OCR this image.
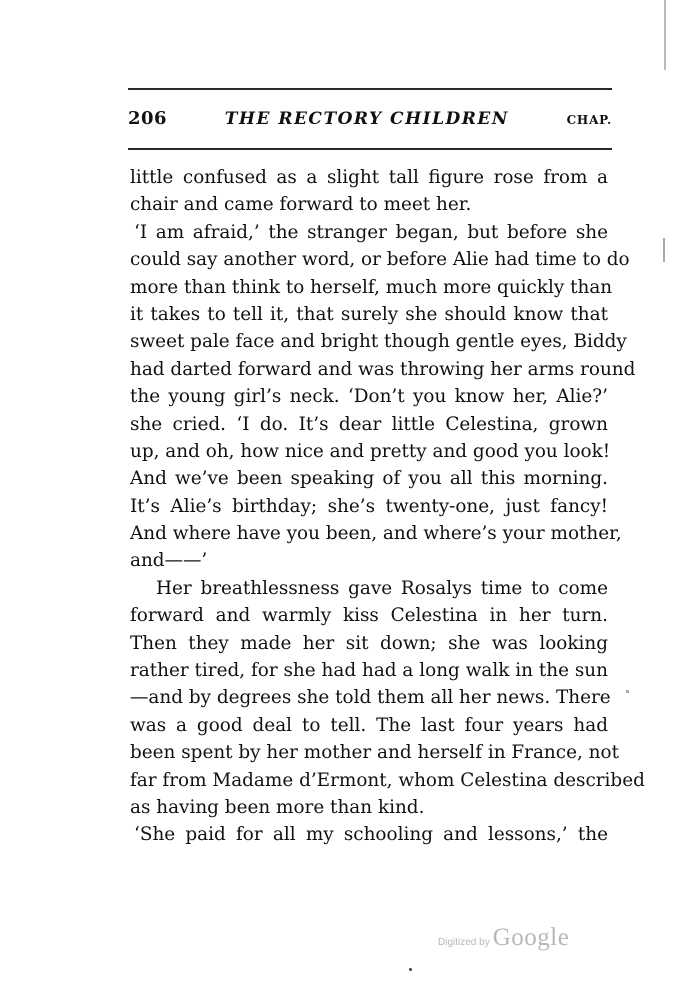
206	THE RECTORY CHILDREN	CHAP.
little confused as a slight tall figure rose from a
chair and came forward to meet her.
‘I am afraid,’ the stranger began, but before she
could say another word, or before Alie had time to do
more than think to herself, much more quickly than
it takes to tell it, that surely she should know that
sweet pale face and bright though gentle eyes, Biddy
had darted forward and was throwing her arms round
the young girl’s neck. ‘Don’t you know her, Alie?’
she cried. ‘I do. It’s dear little Celestina, grown
up, and oh, how nice and pretty and good you look!
And we’ve been speaking of you all this morning.
It’s Alie’s birthday; she’s twenty-one, just fancy!
And where have you been, and where’s your mother,
and——’
Her breathlessness gave Rosalys time to come
forward and warmly kiss Celestina in her turn.
Then they made her sit down; she was looking
rather tired, for she had had a long walk in the sun
—and by degrees she told them all her news. There
was a good deal to tell. The last four years had
been spent by her mother and herself in France, not
far from Madame d’Ermont, whom Celestina described
as having been more than kind.
‘She paid for all my schooling and lessons,’ the
Digitized by Google
